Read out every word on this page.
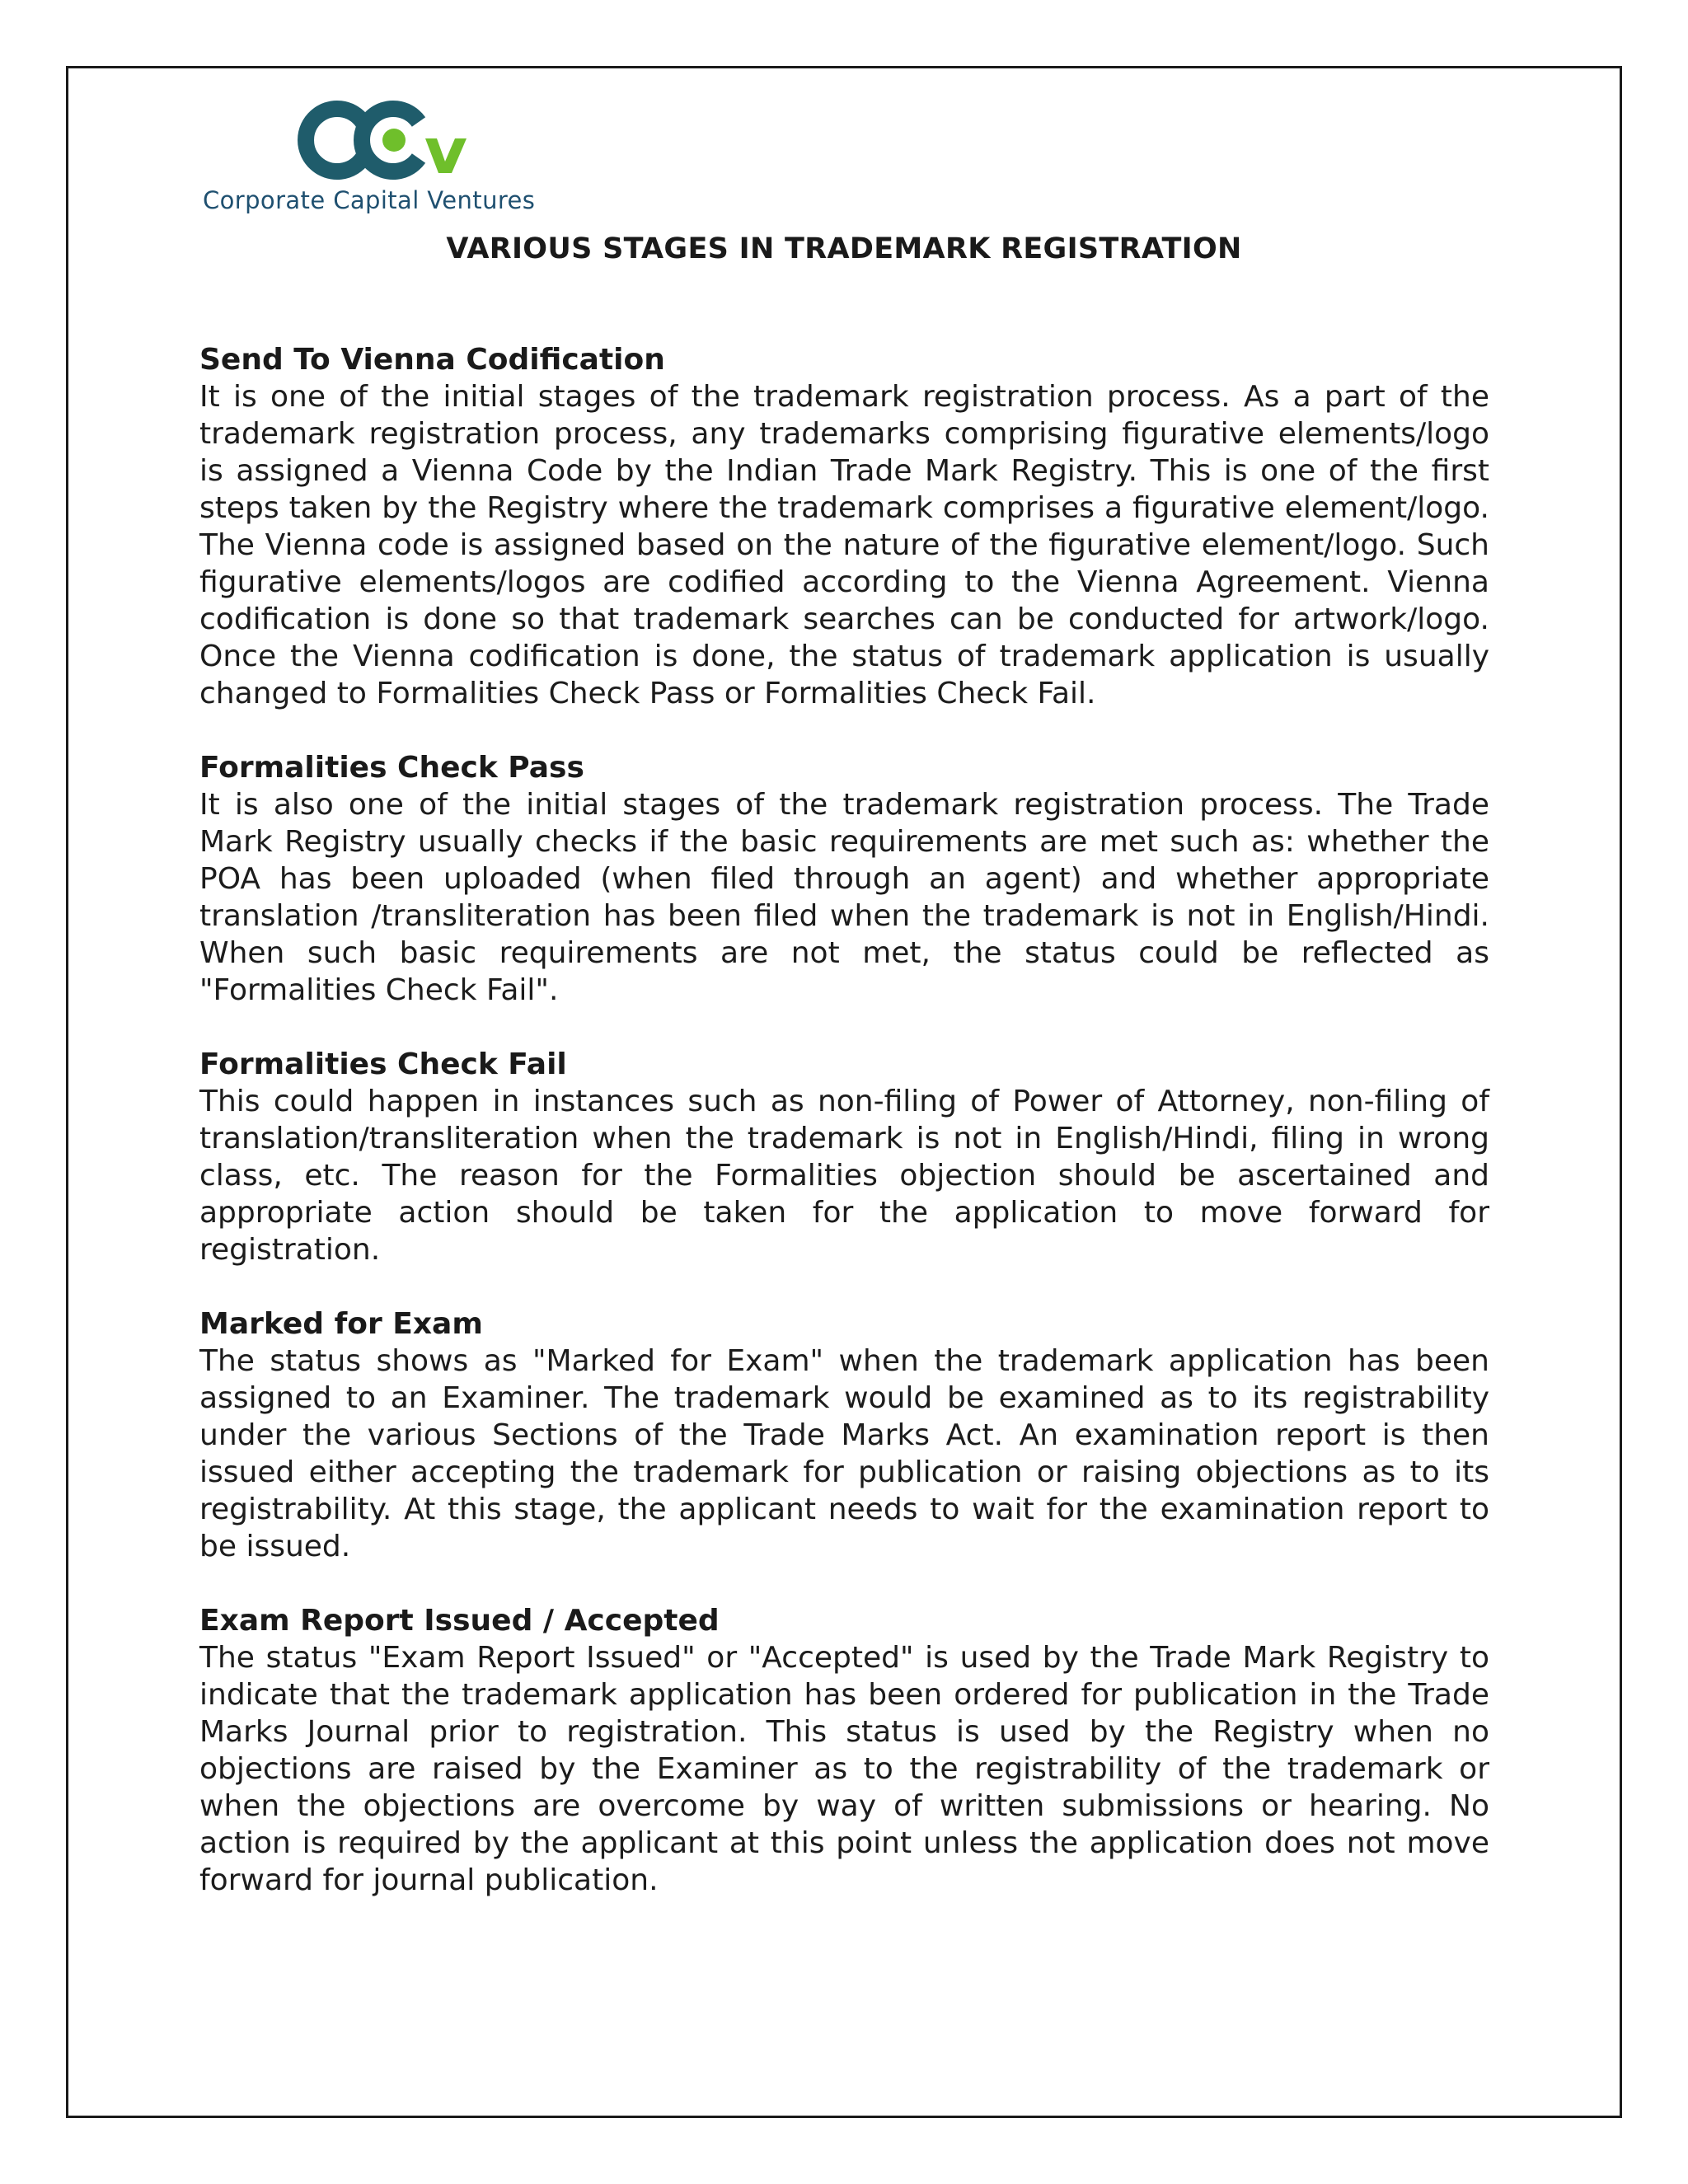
Corporate Capital Ventures
VARIOUS STAGES IN TRADEMARK REGISTRATION

Send To Vienna Codification

It is one of the initial stages of the trademark registration process. As a part of the trademark registration process, any trademarks comprising figurative elements/logo is assigned a Vienna Code by the Indian Trade Mark Registry. This is one of the first steps taken by the Registry where the trademark comprises a figurative element/logo. The Vienna code is assigned based on the nature of the figurative element/logo. Such figurative elements/logos are codified according to the Vienna Agreement. Vienna codification is done so that trademark searches can be conducted for artwork/logo. Once the Vienna codification is done, the status of trademark application is usually changed to Formalities Check Pass or Formalities Check Fail.

Formalities Check Pass

It is also one of the initial stages of the trademark registration process. The Trade Mark Registry usually checks if the basic requirements are met such as: whether the POA has been uploaded (when filed through an agent) and whether appropriate translation /transliteration has been filed when the trademark is not in English/Hindi. When such basic requirements are not met, the status could be reflected as "Formalities Check Fail".

Formalities Check Fail

This could happen in instances such as non-filing of Power of Attorney, non-filing of translation/transliteration when the trademark is not in English/Hindi, filing in wrong class, etc. The reason for the Formalities objection should be ascertained and appropriate action should be taken for the application to move forward for registration.

Marked for Exam

The status shows as "Marked for Exam" when the trademark application has been assigned to an Examiner. The trademark would be examined as to its registrability under the various Sections of the Trade Marks Act. An examination report is then issued either accepting the trademark for publication or raising objections as to its registrability. At this stage, the applicant needs to wait for the examination report to be issued.

Exam Report Issued / Accepted

The status "Exam Report Issued" or "Accepted" is used by the Trade Mark Registry to indicate that the trademark application has been ordered for publication in the Trade Marks Journal prior to registration. This status is used by the Registry when no objections are raised by the Examiner as to the registrability of the trademark or when the objections are overcome by way of written submissions or hearing. No action is required by the applicant at this point unless the application does not move forward for journal publication.
